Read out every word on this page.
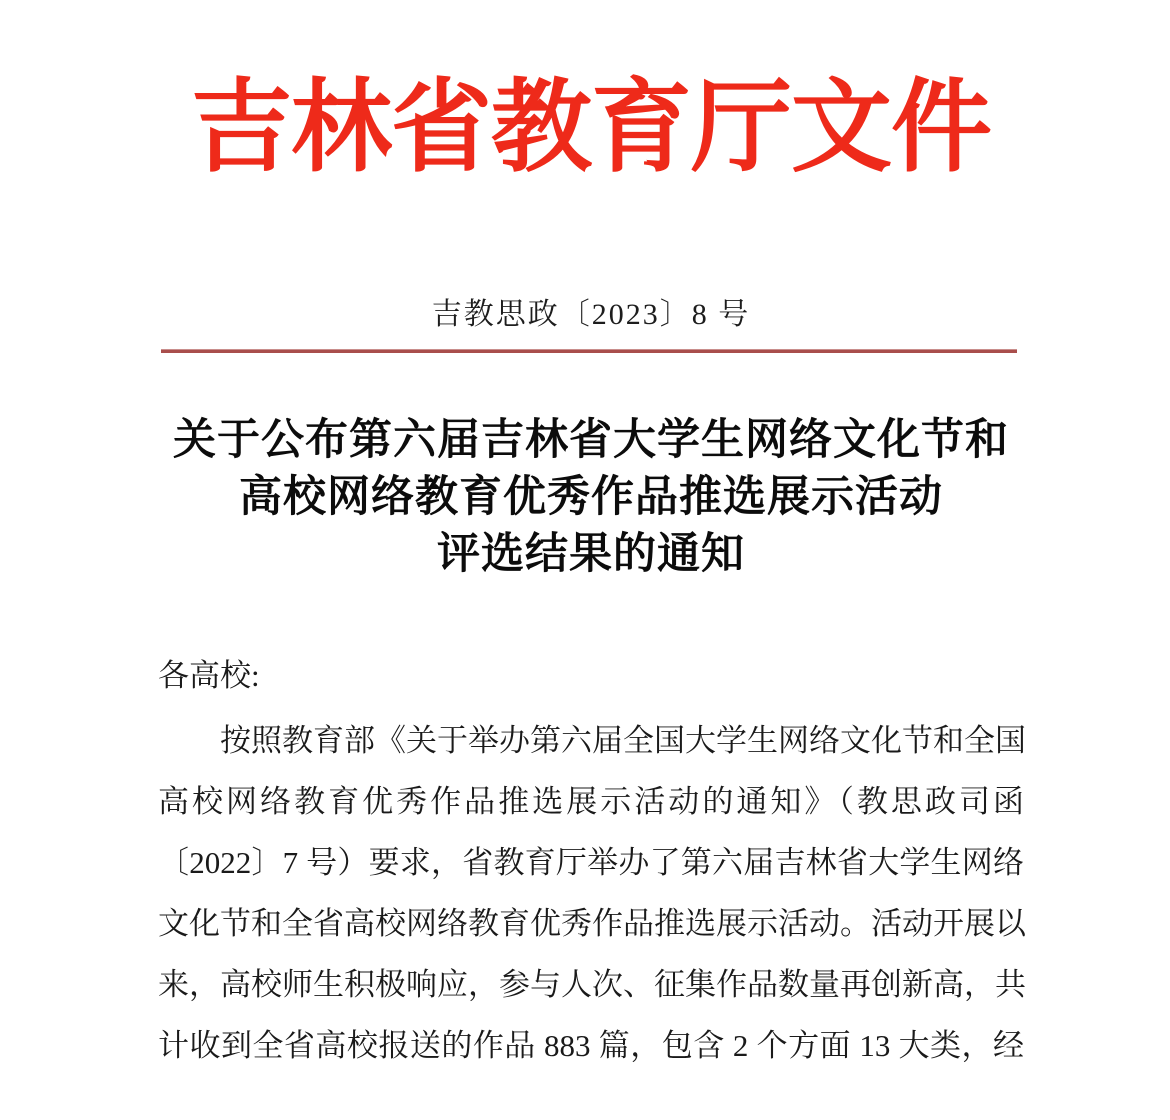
吉林省教育厅文件
吉教思政〔2023〕8 号
关于公布第六届吉林省大学生网络文化节和
高校网络教育优秀作品推选展示活动
评选结果的通知
各高校:
按照教育部《关于举办第六届全国大学生网络文化节和全国
高校网络教育优秀作品推选展示活动的通知》（教思政司函
〔2022〕7 号）要求，省教育厅举办了第六届吉林省大学生网络
文化节和全省高校网络教育优秀作品推选展示活动。活动开展以
来，高校师生积极响应，参与人次、征集作品数量再创新高，共
计收到全省高校报送的作品 883 篇，包含 2 个方面 13 大类，经
